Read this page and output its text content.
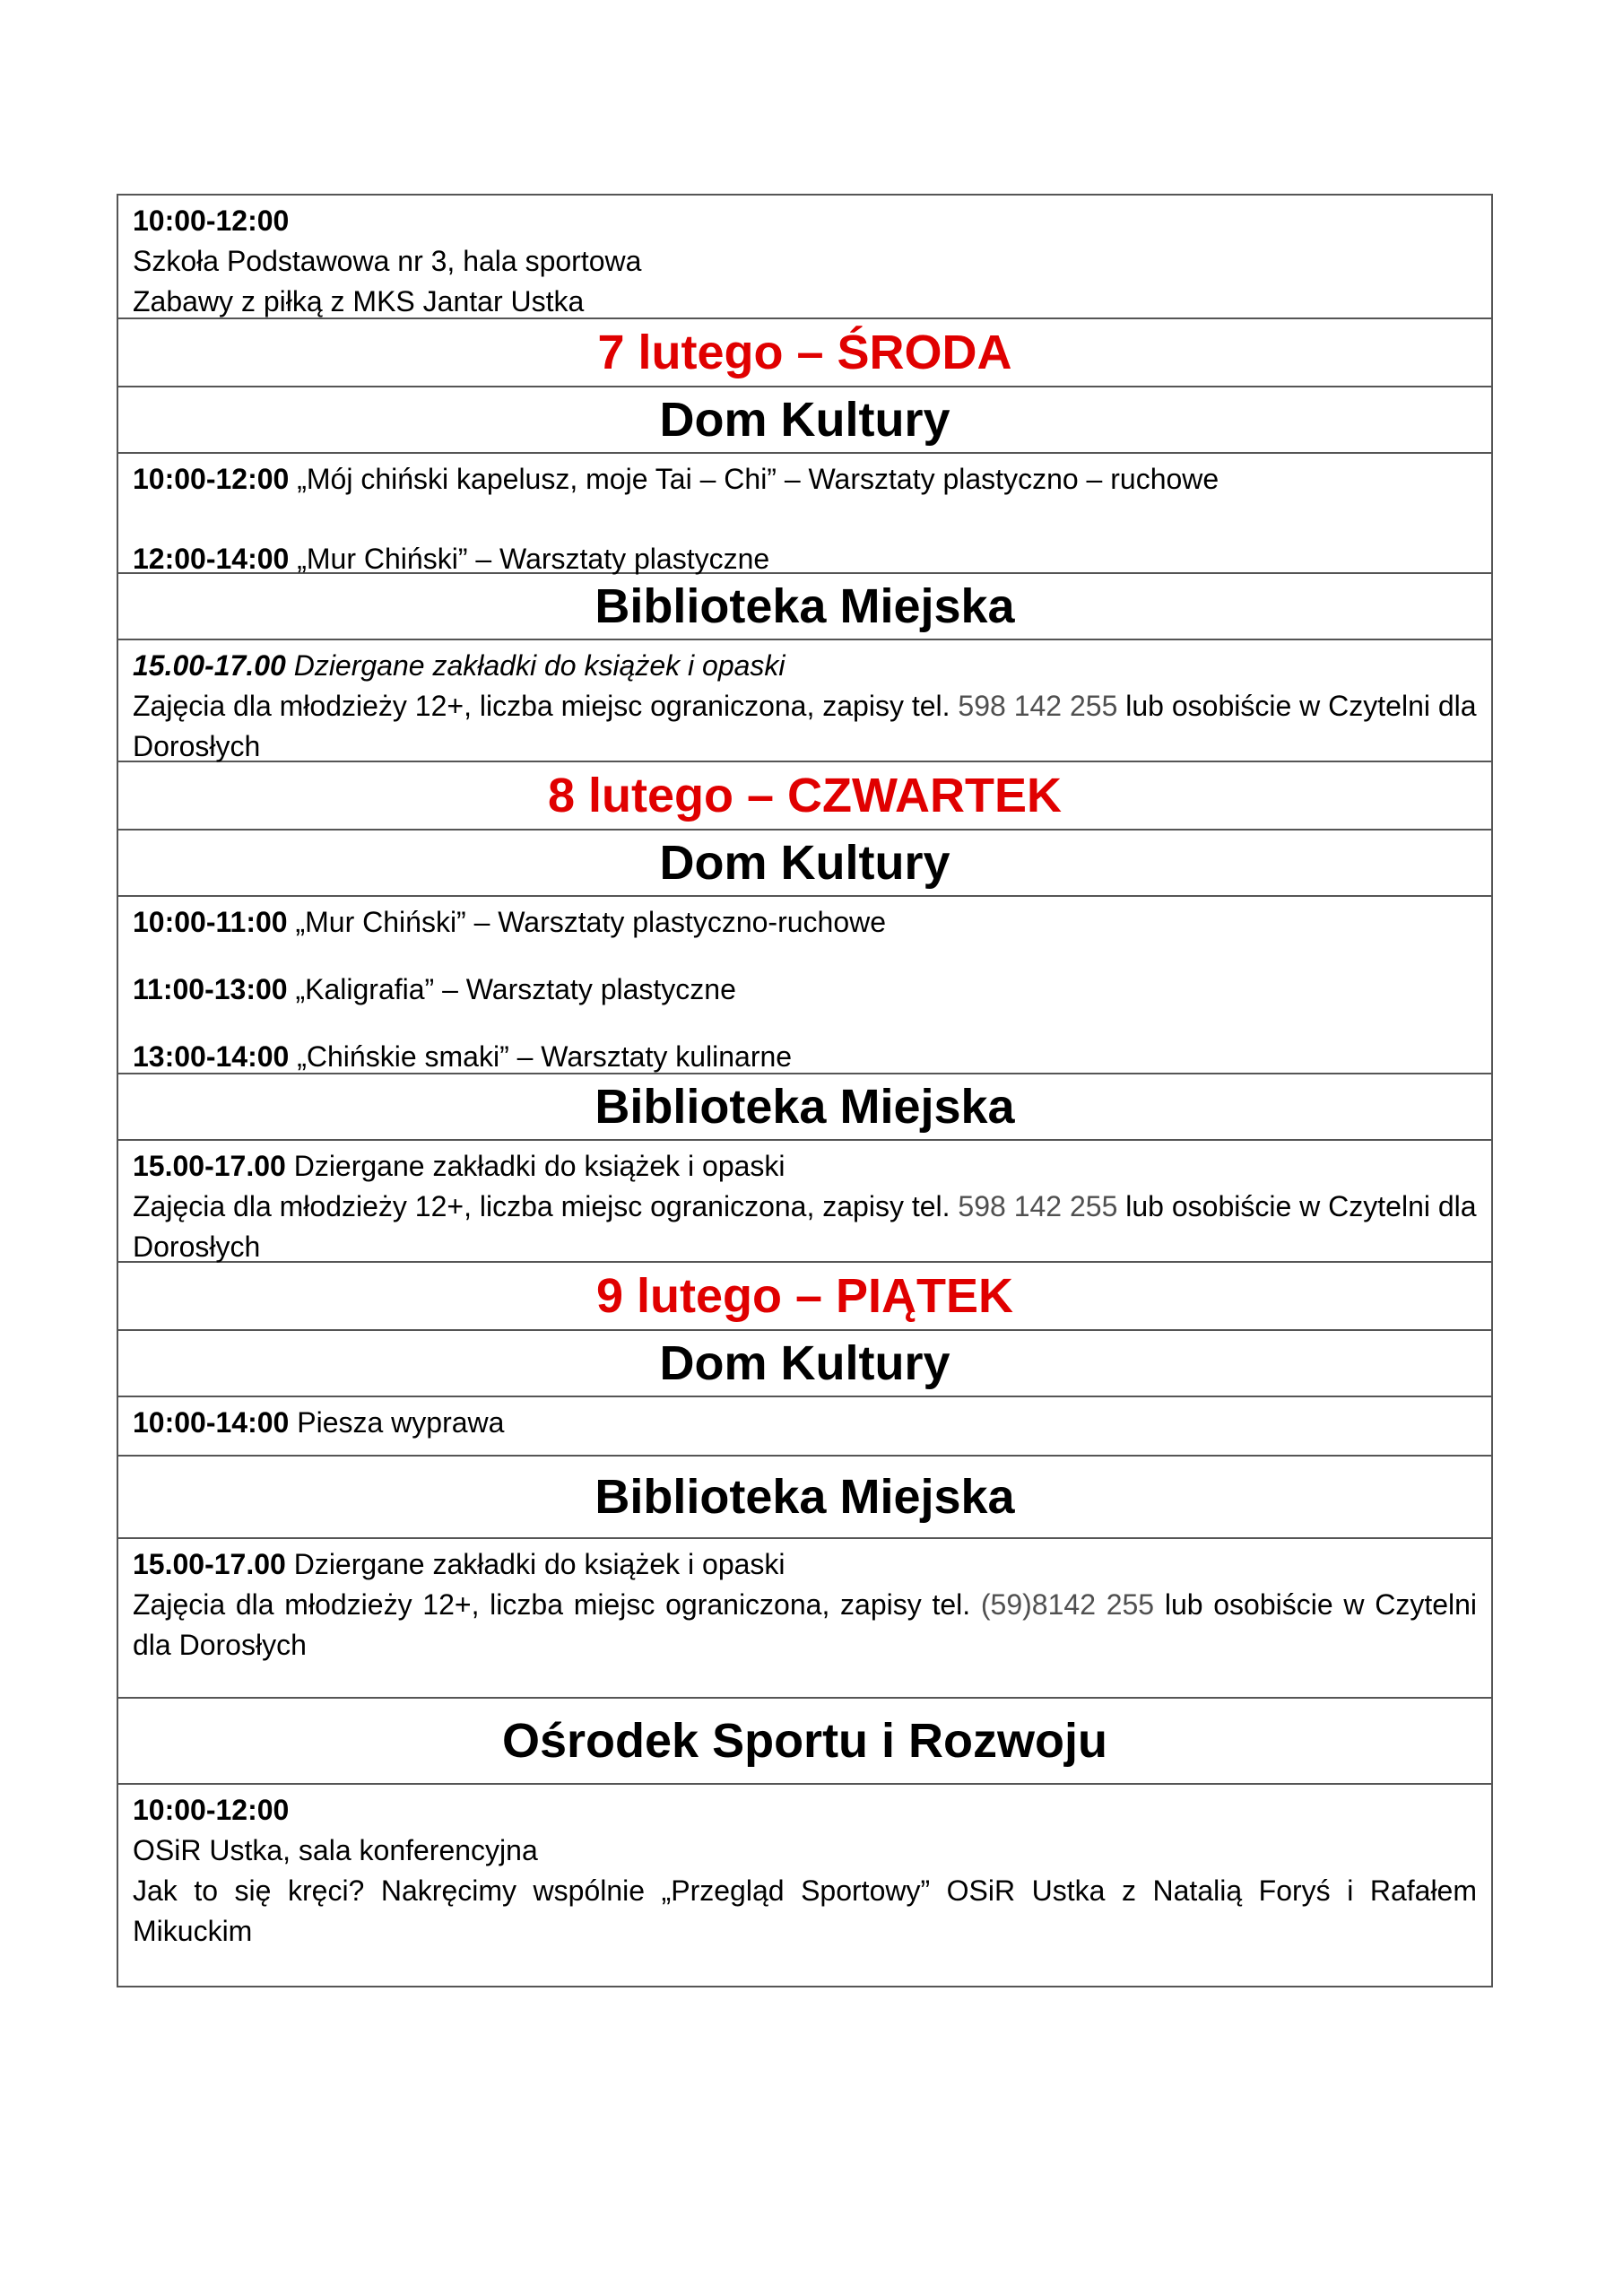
10:00-12:00

Szkoła Podstawowa nr 3, hala sportowa

Zabawy z piłką z MKS Jantar Ustka

7 lutego – ŚRODA
Dom Kultury

10:00-12:00 „Mój chiński kapelusz, moje Tai – Chi” – Warsztaty plastyczno – ruchowe

12:00-14:00 „Mur Chiński” – Warsztaty plastyczne

Biblioteka Miejska

15.00-17.00 Dziergane zakładki do książek i opaski

Zajęcia dla młodzieży 12+, liczba miejsc ograniczona, zapisy tel. 598 142 255 lub osobiście w Czytelni dla Dorosłych

8 lutego – CZWARTEK
Dom Kultury

10:00-11:00 „Mur Chiński” – Warsztaty plastyczno-ruchowe

11:00-13:00 „Kaligrafia” – Warsztaty plastyczne

13:00-14:00 „Chińskie smaki” – Warsztaty kulinarne

Biblioteka Miejska

15.00-17.00 Dziergane zakładki do książek i opaski

Zajęcia dla młodzieży 12+, liczba miejsc ograniczona, zapisy tel. 598 142 255 lub osobiście w Czytelni dla Dorosłych

9 lutego – PIĄTEK
Dom Kultury

10:00-14:00 Piesza wyprawa

Biblioteka Miejska

15.00-17.00 Dziergane zakładki do książek i opaski

Zajęcia dla młodzieży 12+, liczba miejsc ograniczona, zapisy tel. (59)8142 255 lub osobiście w Czytelni dla Dorosłych

Ośrodek Sportu i Rozwoju

10:00-12:00

OSiR Ustka, sala konferencyjna

Jak to się kręci? Nakręcimy wspólnie „Przegląd Sportowy” OSiR Ustka z Natalią Foryś i Rafałem Mikuckim
